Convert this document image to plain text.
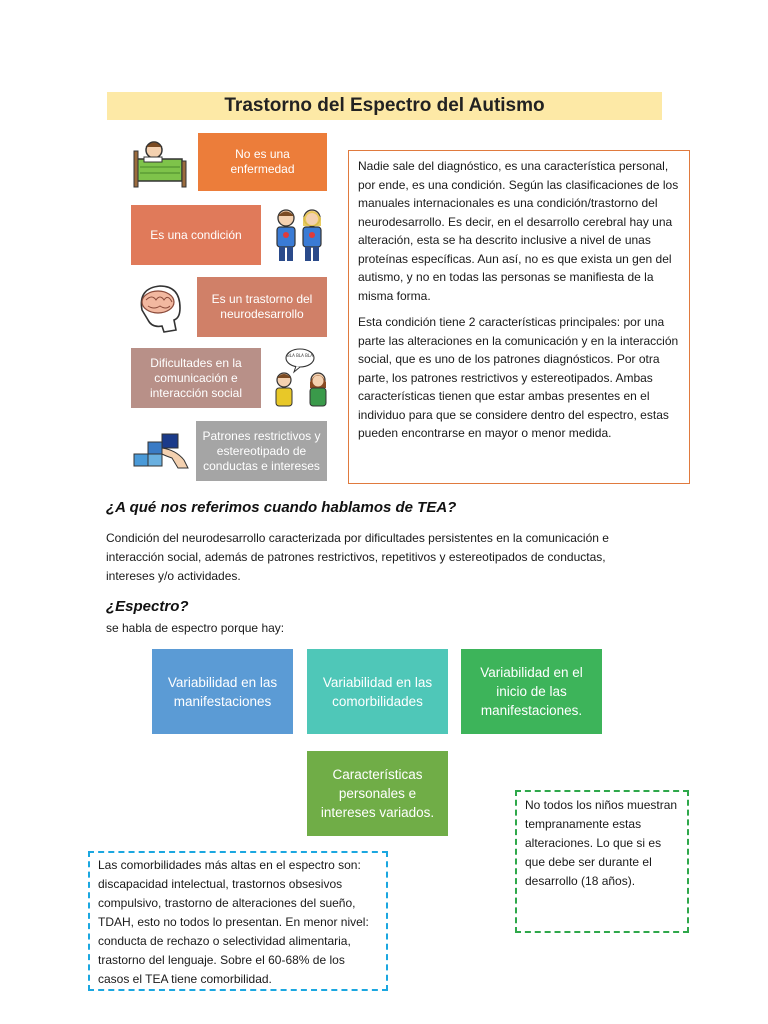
Trastorno del Espectro del Autismo
No es una enfermedad
Es una condición
Es un trastorno del neurodesarrollo
Dificultades en la comunicación e interacción social
BLA BLA BLA
Patrones restrictivos y estereotipado de conductas e intereses

Nadie sale del diagnóstico, es una característica personal, por ende, es una condición. Según las clasificaciones de los manuales internacionales es una condición/trastorno del neurodesarrollo. Es decir, en el desarrollo cerebral hay una alteración, esta se ha descrito inclusive a nivel de unas proteínas específicas. Aun así, no es que exista un gen del autismo, y no en todas las personas se manifiesta de la misma forma.

Esta condición tiene 2 características principales: por una parte las alteraciones en la comunicación y en la interacción social, que es uno de los patrones diagnósticos. Por otra parte, los patrones restrictivos y estereotipados. Ambas características tienen que estar ambas presentes en el individuo para que se considere dentro del espectro, estas pueden encontrarse en mayor o menor medida.

¿A qué nos referimos cuando hablamos de TEA?
Condición del neurodesarrollo caracterizada por dificultades persistentes en la comunicación e interacción social, además de patrones restrictivos, repetitivos y estereotipados de conductas, intereses y/o actividades.
¿Espectro?
se habla de espectro porque hay:
Variabilidad en las manifestaciones
Variabilidad en las comorbilidades
Variabilidad en el inicio de las manifestaciones.
Características personales e intereses variados.
Las comorbilidades más altas en el espectro son: discapacidad intelectual, trastornos obsesivos compulsivo, trastorno de alteraciones del sueño, TDAH, esto no todos lo presentan. En menor nivel: conducta de rechazo o selectividad alimentaria, trastorno del lenguaje. Sobre el 60-68% de los casos el TEA tiene comorbilidad.
No todos los niños muestran tempranamente estas alteraciones. Lo que si es que debe ser durante el desarrollo (18 años).
